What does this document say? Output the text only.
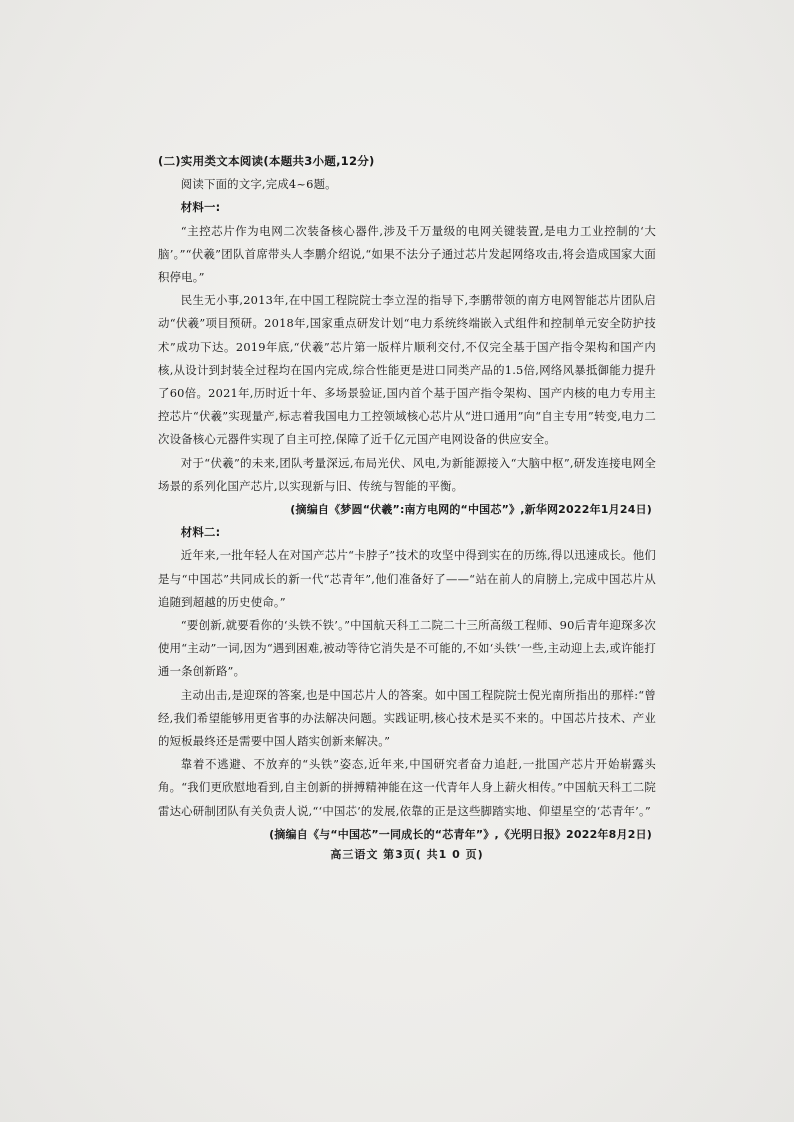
(二)实用类文本阅读(本题共3小题,12分)

阅读下面的文字,完成4~6题。

材料一:

“主控芯片作为电网二次装备核心器件,涉及千万量级的电网关键装置,是电力工业控制的‘大脑’。”“伏羲”团队首席带头人李鹏介绍说,“如果不法分子通过芯片发起网络攻击,将会造成国家大面积停电。”

民生无小事,2013年,在中国工程院院士李立浧的指导下,李鹏带领的南方电网智能芯片团队启动“伏羲”项目预研。2018年,国家重点研发计划“电力系统终端嵌入式组件和控制单元安全防护技术”成功下达。2019年底,“伏羲”芯片第一版样片顺利交付,不仅完全基于国产指令架构和国产内核,从设计到封装全过程均在国内完成,综合性能更是进口同类产品的1.5倍,网络风暴抵御能力提升了60倍。2021年,历时近十年、多场景验证,国内首个基于国产指令架构、国产内核的电力专用主控芯片“伏羲”实现量产,标志着我国电力工控领域核心芯片从“进口通用”向“自主专用”转变,电力二次设备核心元器件实现了自主可控,保障了近千亿元国产电网设备的供应安全。

对于“伏羲”的未来,团队考量深远,布局光伏、风电,为新能源接入“大脑中枢”,研发连接电网全场景的系列化国产芯片,以实现新与旧、传统与智能的平衡。

(摘编自《梦圆“伏羲”:南方电网的“中国芯”》,新华网2022年1月24日)

材料二:

近年来,一批年轻人在对国产芯片“卡脖子”技术的攻坚中得到实在的历练,得以迅速成长。他们是与“中国芯”共同成长的新一代“芯青年”,他们准备好了——“站在前人的肩膀上,完成中国芯片从追随到超越的历史使命。”

“要创新,就要看你的‘头铁不铁’。”中国航天科工二院二十三所高级工程师、90后青年迎琛多次使用“主动”一词,因为“遇到困难,被动等待它消失是不可能的,不如‘头铁’一些,主动迎上去,或许能打通一条创新路”。

主动出击,是迎琛的答案,也是中国芯片人的答案。如中国工程院院士倪光南所指出的那样:“曾经,我们希望能够用更省事的办法解决问题。实践证明,核心技术是买不来的。中国芯片技术、产业的短板最终还是需要中国人踏实创新来解决。”

靠着不逃避、不放弃的“头铁”姿态,近年来,中国研究者奋力追赶,一批国产芯片开始崭露头角。“我们更欣慰地看到,自主创新的拼搏精神能在这一代青年人身上薪火相传。”中国航天科工二院雷达心研制团队有关负责人说,“‘中国芯’的发展,依靠的正是这些脚踏实地、仰望星空的‘芯青年’。”

(摘编自《与“中国芯”一同成长的“芯青年”》,《光明日报》2022年8月2日)

高三语文 第3页( 共1 0 页)
